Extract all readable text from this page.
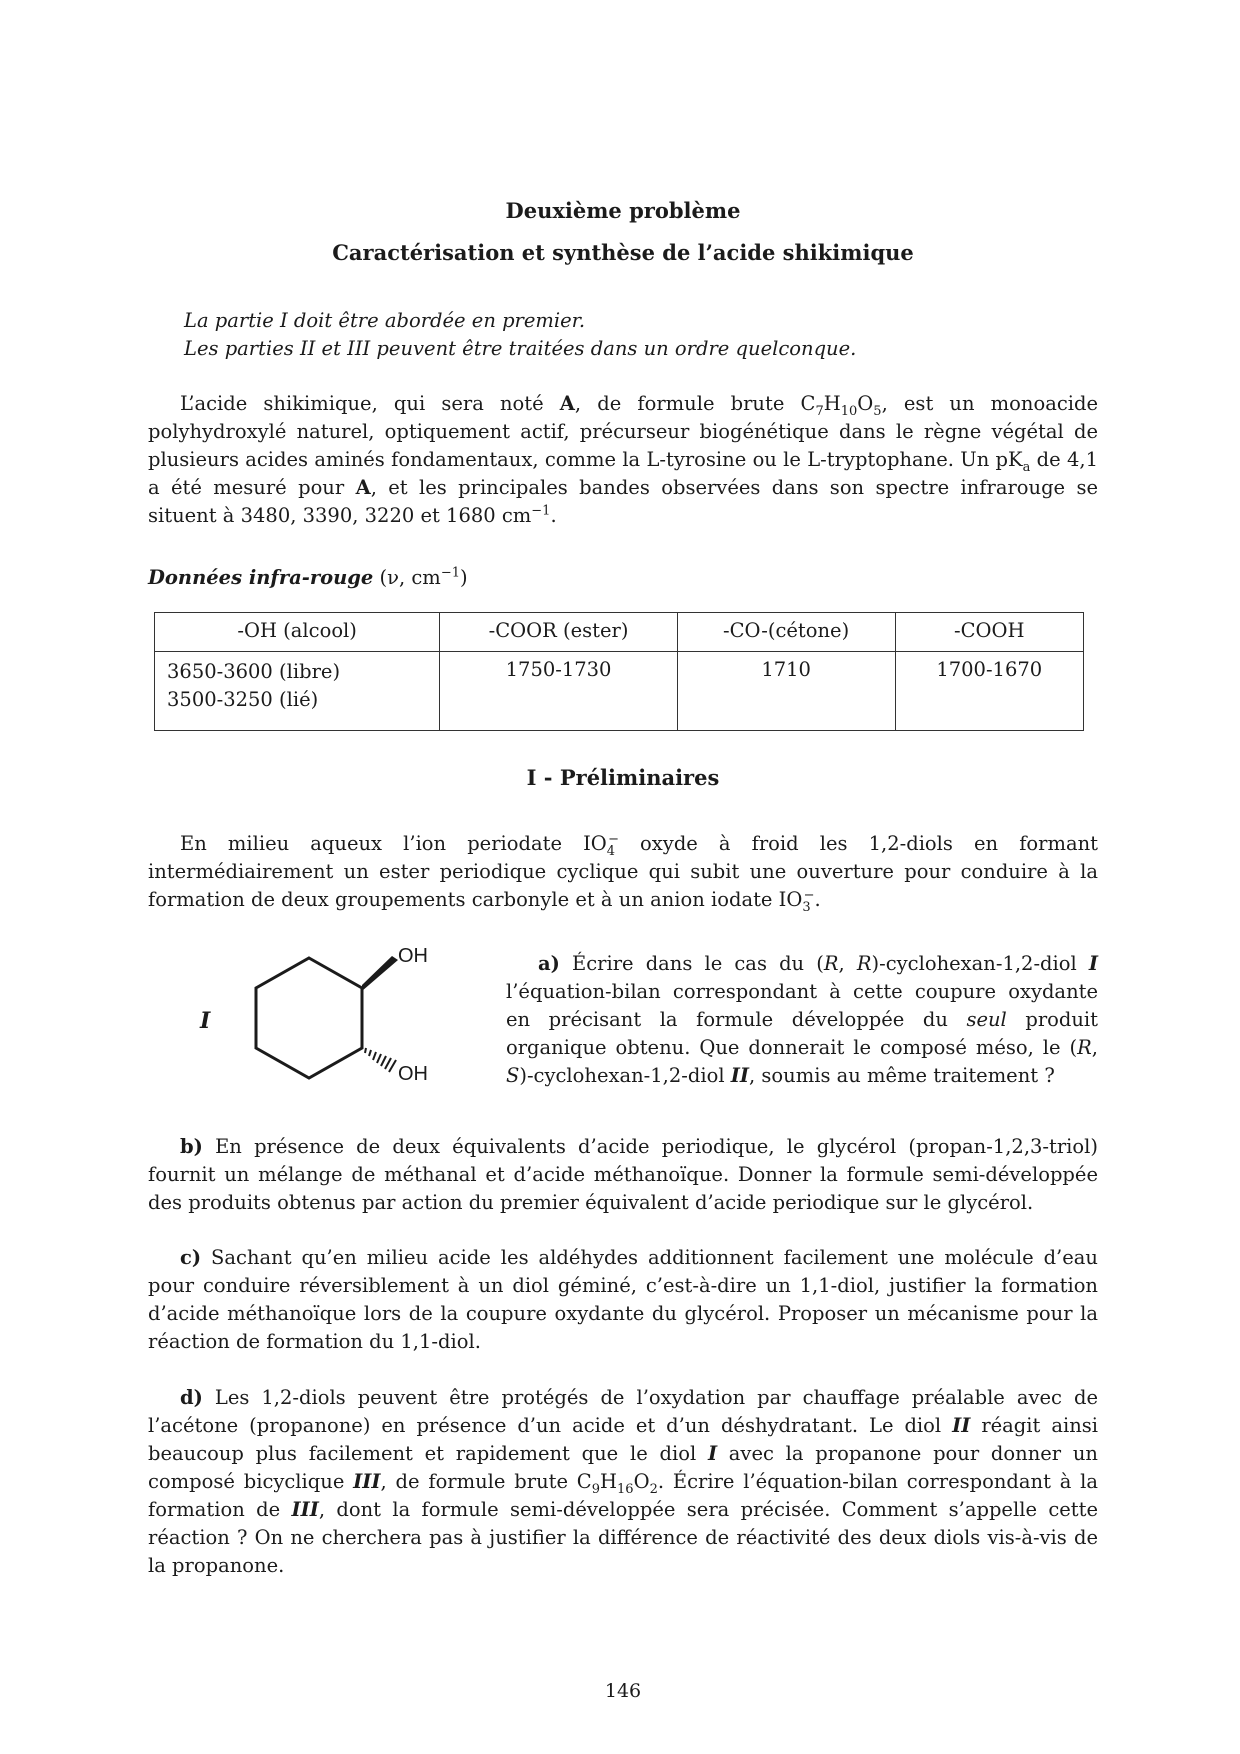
Deuxième problème
Caractérisation et synthèse de l’acide shikimique
La partie I doit être abordée en premier.
Les parties II et III peuvent être traitées dans un ordre quelconque.
L’acide shikimique, qui sera noté A, de formule brute $C_7H_{10}O_5$, est un monoacide polyhydroxylé naturel, optiquement actif, précurseur biogénétique dans le règne végétal de plusieurs acides aminés fondamentaux, comme la L-tyrosine ou le L-tryptophane. Un $pK_a$ de 4,1 a été mesuré pour A, et les principales bandes observées dans son spectre infrarouge se situent à 3480, 3390, 3220 et 1680 $cm^{-1}$.
Données infra-rouge (ν, $cm^{-1}$)
-OH (alcool)	-COOR (ester)	-CO-(cétone)	-COOH

3650-3600 (libre)
3500-3250 (lié)	1750-1730	1710	1700-1670
I - Préliminaires
En milieu aqueux l’ion periodate $IO_4^-$ oxyde à froid les 1,2-diols en formant intermédiairement un ester periodique cyclique qui subit une ouverture pour conduire à la formation de deux groupements carbonyle et à un anion iodate $IO_3^-$.
I
OH
OH
a) Écrire dans le cas du (R, R)-cyclohexan-1,2-diol I l’équation-bilan correspondant à cette coupure oxydante en précisant la formule développée du seul produit organique obtenu. Que donnerait le composé méso, le (R, S)-cyclohexan-1,2-diol II, soumis au même traitement ?
b) En présence de deux équivalents d’acide periodique, le glycérol (propan-1,2,3-triol) fournit un mélange de méthanal et d’acide méthanoïque. Donner la formule semi-développée des produits obtenus par action du premier équivalent d’acide periodique sur le glycérol.
c) Sachant qu’en milieu acide les aldéhydes additionnent facilement une molécule d’eau pour conduire réversiblement à un diol géminé, c’est-à-dire un 1,1-diol, justifier la formation d’acide méthanoïque lors de la coupure oxydante du glycérol. Proposer un mécanisme pour la réaction de formation du 1,1-diol.
d) Les 1,2-diols peuvent être protégés de l’oxydation par chauffage préalable avec de l’acétone (propanone) en présence d’un acide et d’un déshydratant. Le diol II réagit ainsi beaucoup plus facilement et rapidement que le diol I avec la propanone pour donner un composé bicyclique III, de formule brute $C_9H_{16}O_2$. Écrire l’équation-bilan correspondant à la formation de III, dont la formule semi-développée sera précisée. Comment s’appelle cette réaction ? On ne cherchera pas à justifier la différence de réactivité des deux diols vis-à-vis de la propanone.
146
